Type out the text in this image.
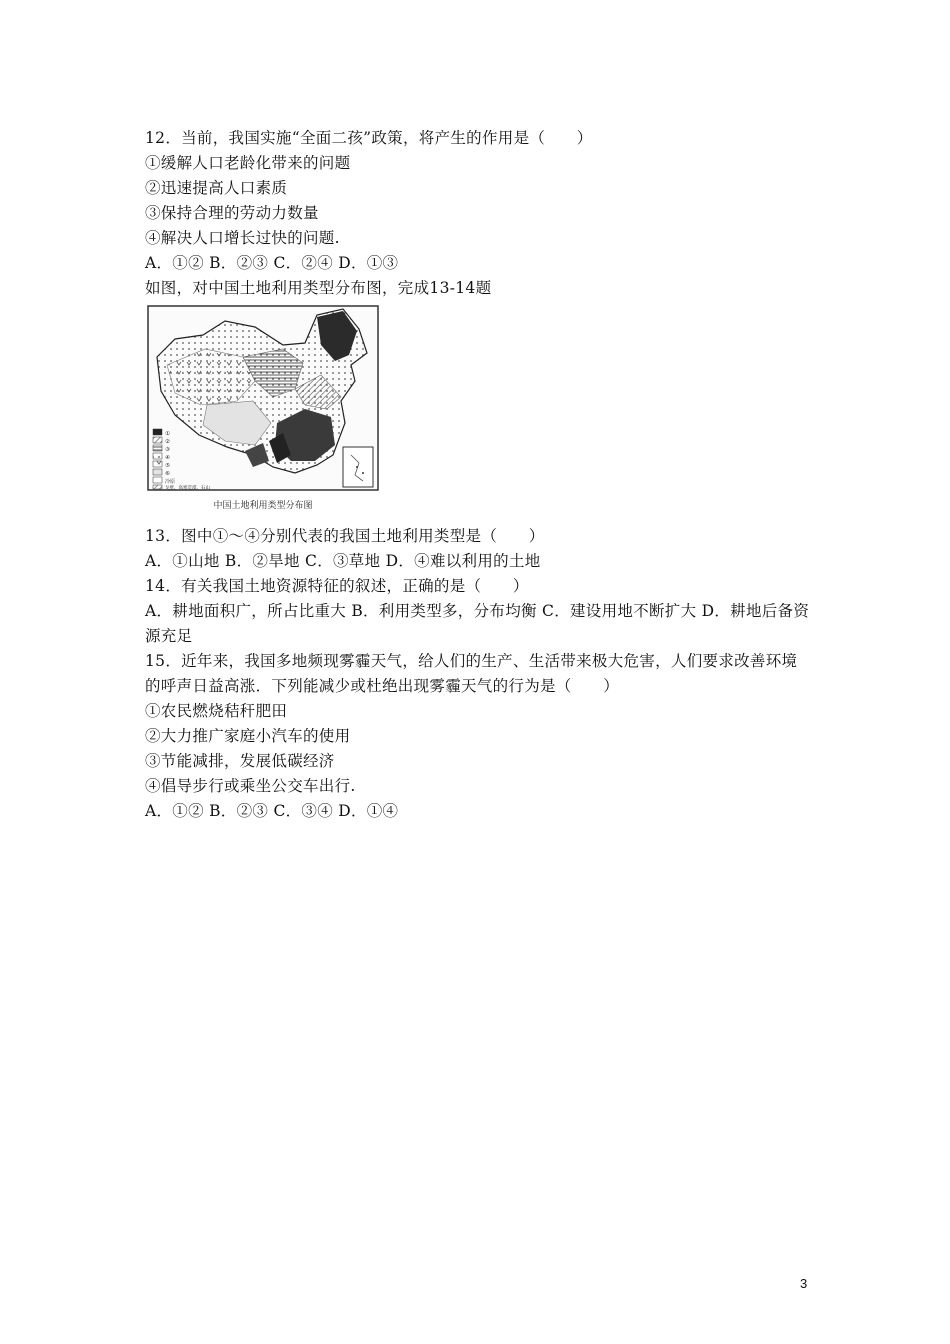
12．当前，我国实施“全面二孩”政策，将产生的作用是（　　）
①缓解人口老龄化带来的问题
②迅速提高人口素质
③保持合理的劳动力数量
④解决人口增长过快的问题.
A．①② B．②③ C．②④ D．①③
如图，对中国土地利用类型分布图，完成13-14题
①
②
③
④
⑤
⑥
冷原
戈壁、高寒荒漠、石山
中国土地利用类型分布图
13．图中①～④分别代表的我国土地利用类型是（　　）
A．①山地 B．②旱地 C．③草地 D．④难以利用的土地
14．有关我国土地资源特征的叙述，正确的是（　　）
A．耕地面积广，所占比重大 B．利用类型多，分布均衡 C．建设用地不断扩大 D．耕地后备资
源充足
15．近年来，我国多地频现雾霾天气，给人们的生产、生活带来极大危害，人们要求改善环境
的呼声日益高涨．下列能减少或杜绝出现雾霾天气的行为是（　　）
①农民燃烧秸秆肥田
②大力推广家庭小汽车的使用
③节能减排，发展低碳经济
④倡导步行或乘坐公交车出行.
A．①② B．②③ C．③④ D．①④
3
